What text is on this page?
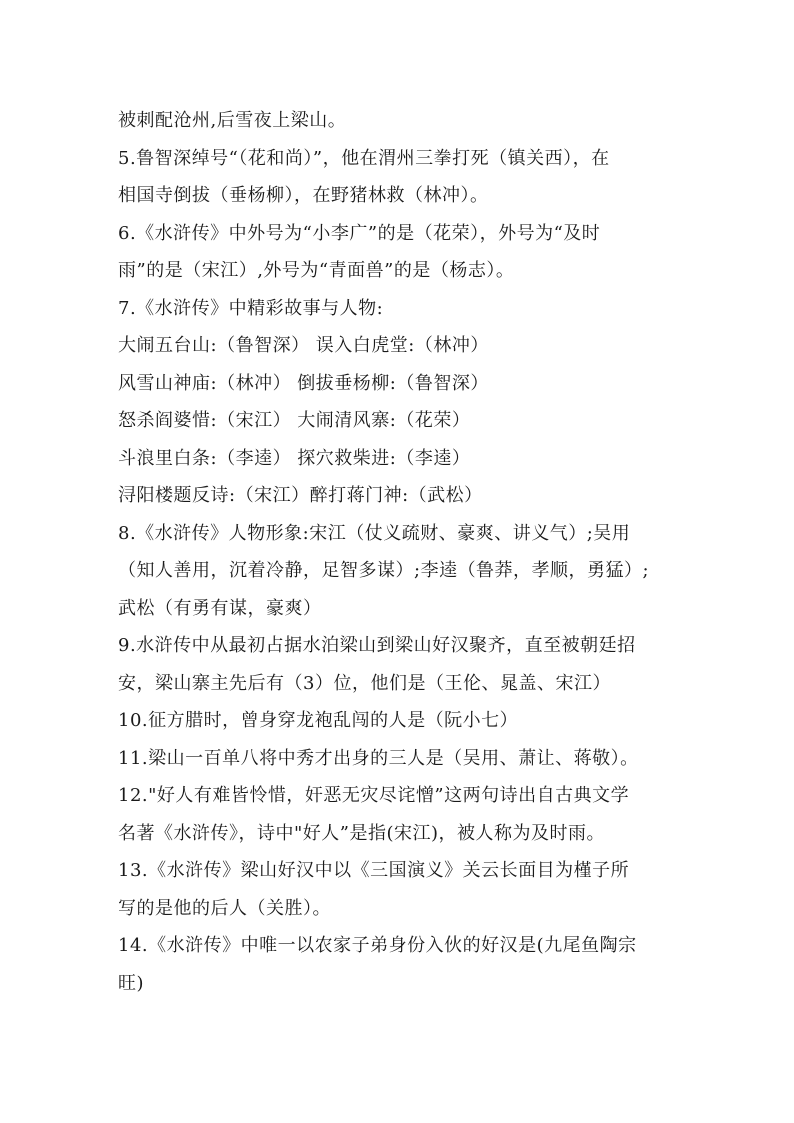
被刺配沧州,后雪夜上梁山。
5.鲁智深绰号“（花和尚）”，他在渭州三拳打死（镇关西），在
相国寺倒拔（垂杨柳），在野猪林救（林冲）。
6.《水浒传》中外号为“小李广”的是（花荣），外号为“及时
雨”的是（宋江）,外号为“青面兽”的是（杨志）。
7.《水浒传》中精彩故事与人物:
大闹五台山:（鲁智深） 误入白虎堂:（林冲）
风雪山神庙:（林冲） 倒拔垂杨柳:（鲁智深）
怒杀阎婆惜:（宋江） 大闹清风寨:（花荣）
斗浪里白条:（李逵） 探穴救柴进:（李逵）
浔阳楼题反诗:（宋江）醉打蒋门神:（武松）
8.《水浒传》人物形象:宋江（仗义疏财、豪爽、讲义气）;吴用
（知人善用，沉着冷静，足智多谋）;李逵（鲁莽，孝顺，勇猛）;
武松（有勇有谋，豪爽）
9.水浒传中从最初占据水泊梁山到梁山好汉聚齐，直至被朝廷招
安，梁山寨主先后有（3）位，他们是（王伦、晁盖、宋江）
10.征方腊时，曾身穿龙袍乱闯的人是（阮小七）
11.梁山一百单八将中秀才出身的三人是（吴用、萧让、蒋敬）。
12."好人有难皆怜惜，奸恶无灾尽诧憎”这两句诗出自古典文学
名著《水浒传》，诗中"好人”是指(宋江)，被人称为及时雨。
13.《水浒传》梁山好汉中以《三国演义》关云长面目为槿子所
写的是他的后人（关胜）。
14.《水浒传》中唯一以农家子弟身份入伙的好汉是(九尾鱼陶宗
旺)
